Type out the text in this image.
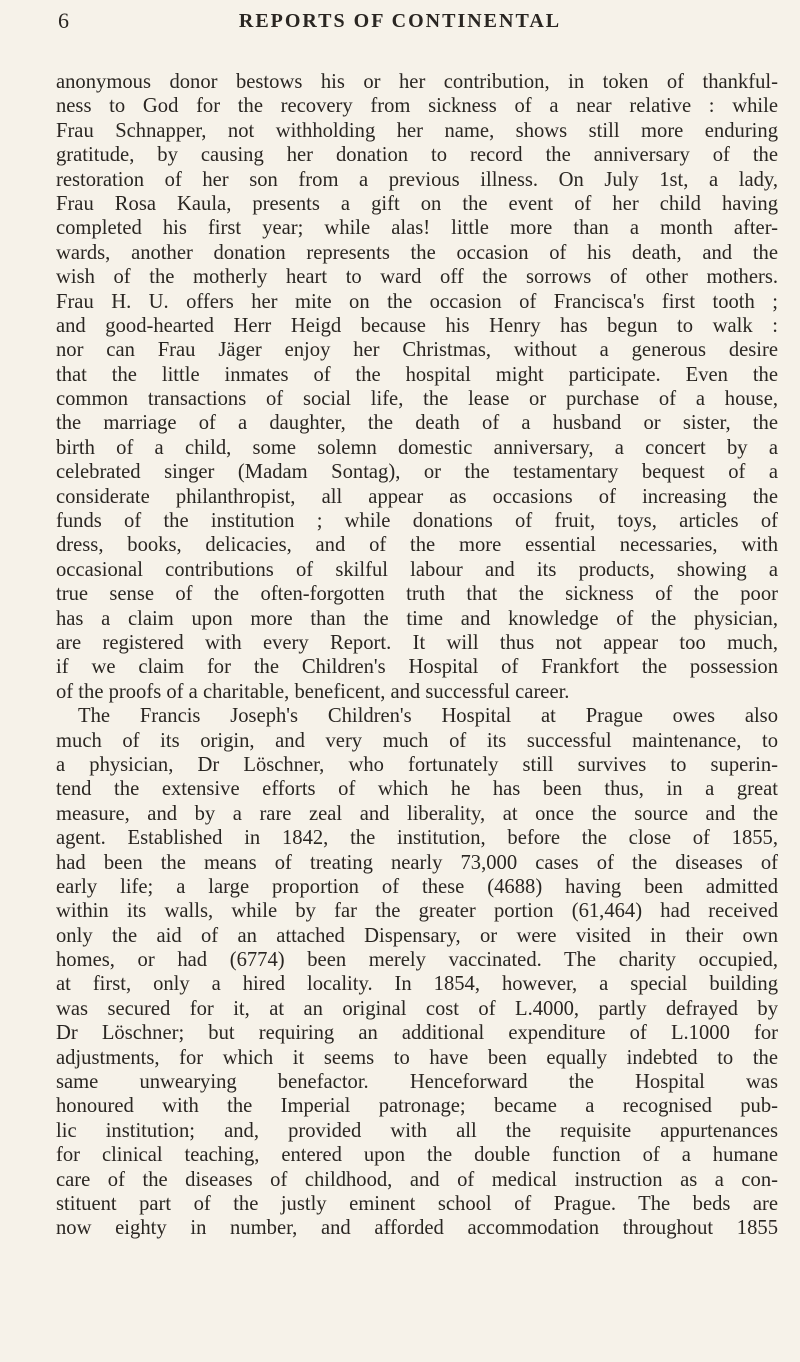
6	REPORTS OF CONTINENTAL
anonymous donor bestows his or her contribution, in token of thankful-
ness to God for the recovery from sickness of a near relative : while
Frau Schnapper, not withholding her name, shows still more enduring
gratitude, by causing her donation to record the anniversary of the
restoration of her son from a previous illness. On July 1st, a lady,
Frau Rosa Kaula, presents a gift on the event of her child having
completed his first year; while alas! little more than a month after-
wards, another donation represents the occasion of his death, and the
wish of the motherly heart to ward off the sorrows of other mothers.
Frau H. U. offers her mite on the occasion of Francisca's first tooth ;
and good-hearted Herr Heigd because his Henry has begun to walk :
nor can Frau Jäger enjoy her Christmas, without a generous desire
that the little inmates of the hospital might participate. Even the
common transactions of social life, the lease or purchase of a house,
the marriage of a daughter, the death of a husband or sister, the
birth of a child, some solemn domestic anniversary, a concert by a
celebrated singer (Madam Sontag), or the testamentary bequest of a
considerate philanthropist, all appear as occasions of increasing the
funds of the institution ; while donations of fruit, toys, articles of
dress, books, delicacies, and of the more essential necessaries, with
occasional contributions of skilful labour and its products, showing a
true sense of the often-forgotten truth that the sickness of the poor
has a claim upon more than the time and knowledge of the physician,
are registered with every Report. It will thus not appear too much,
if we claim for the Children's Hospital of Frankfort the possession
of the proofs of a charitable, beneficent, and successful career.
The Francis Joseph's Children's Hospital at Prague owes also
much of its origin, and very much of its successful maintenance, to
a physician, Dr Löschner, who fortunately still survives to superin-
tend the extensive efforts of which he has been thus, in a great
measure, and by a rare zeal and liberality, at once the source and the
agent. Established in 1842, the institution, before the close of 1855,
had been the means of treating nearly 73,000 cases of the diseases of
early life; a large proportion of these (4688) having been admitted
within its walls, while by far the greater portion (61,464) had received
only the aid of an attached Dispensary, or were visited in their own
homes, or had (6774) been merely vaccinated. The charity occupied,
at first, only a hired locality. In 1854, however, a special building
was secured for it, at an original cost of L.4000, partly defrayed by
Dr Löschner; but requiring an additional expenditure of L.1000 for
adjustments, for which it seems to have been equally indebted to the
same unwearying benefactor. Henceforward the Hospital was
honoured with the Imperial patronage; became a recognised pub-
lic institution; and, provided with all the requisite appurtenances
for clinical teaching, entered upon the double function of a humane
care of the diseases of childhood, and of medical instruction as a con-
stituent part of the justly eminent school of Prague. The beds are
now eighty in number, and afforded accommodation throughout 1855
